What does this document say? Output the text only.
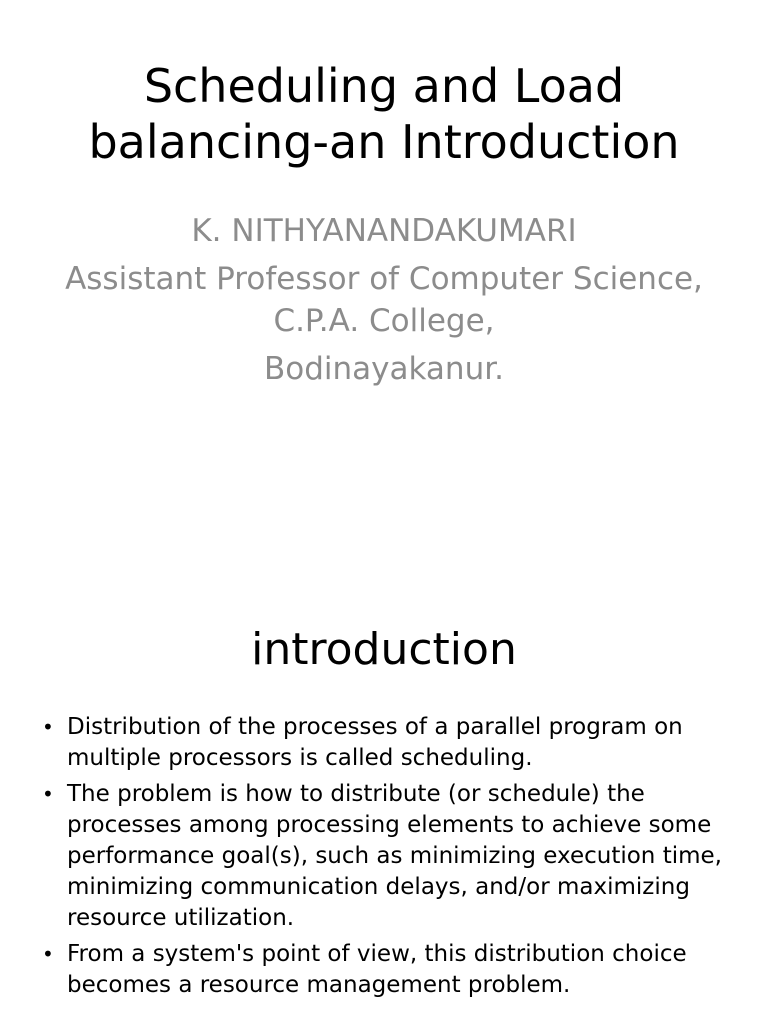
Scheduling and Load balancing-an Introduction
K. NITHYANANDAKUMARI
Assistant Professor of Computer Science,
C.P.A. College,
Bodinayakanur.
introduction
• Distribution of the processes of a parallel program on multiple processors is called scheduling.
• The problem is how to distribute (or schedule) the processes among processing elements to achieve some performance goal(s), such as minimizing execution time, minimizing communication delays, and/or maximizing resource utilization.
• From a system's point of view, this distribution choice becomes a resource management problem.
